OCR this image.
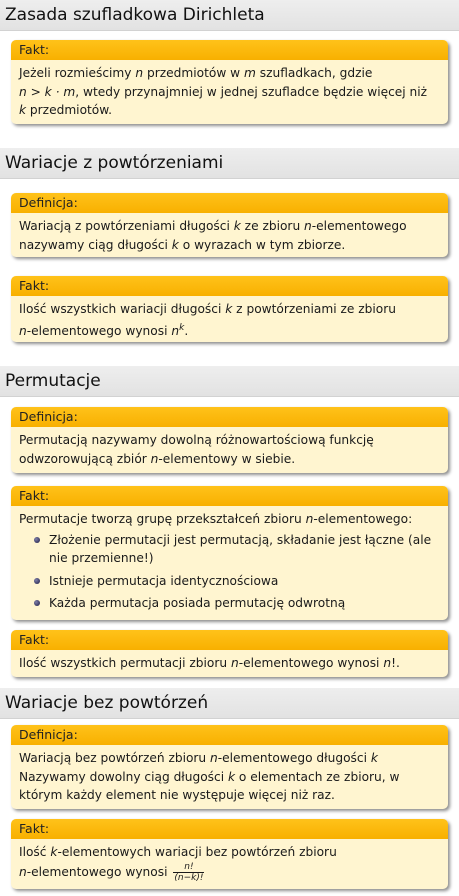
Zasada szufladkowa Dirichleta
Fakt:

Jeżeli rozmieścimy n przedmiotów w m szufladkach, gdzie

n > k · m, wtedy przynajmniej w jednej szufladce będzie więcej niż

k przedmiotów.

Wariacje z powtórzeniami
Definicja:

Wariacją z powtórzeniami długości k ze zbioru n-elementowego

nazywamy ciąg długości k o wyrazach w tym zbiorze.

Fakt:

Ilość wszystkich wariacji długości k z powtórzeniami ze zbioru

n-elementowego wynosi $n^k$.

Permutacje
Definicja:

Permutacją nazywamy dowolną różnowartościową funkcję

odwzorowującą zbiór n-elementowy w siebie.

Fakt:

Permutacje tworzą grupę przekształceń zbioru n-elementowego:

Złożenie permutacji jest permutacją, składanie jest łączne (ale nie przemienne!)
Istnieje permutacja identycznościowa
Każda permutacja posiada permutację odwrotną
Fakt:

Ilość wszystkich permutacji zbioru n-elementowego wynosi n!.

Wariacje bez powtórzeń
Definicja:

Wariacją bez powtórzeń zbioru n-elementowego długości k

Nazywamy dowolny ciąg długości k o elementach ze zbioru, w

którym każdy element nie występuje więcej niż raz.

Fakt:

Ilość k-elementowych wariacji bez powtórzeń zbioru

n-elementowego wynosi $\frac{n!}{(n-k)!}$
